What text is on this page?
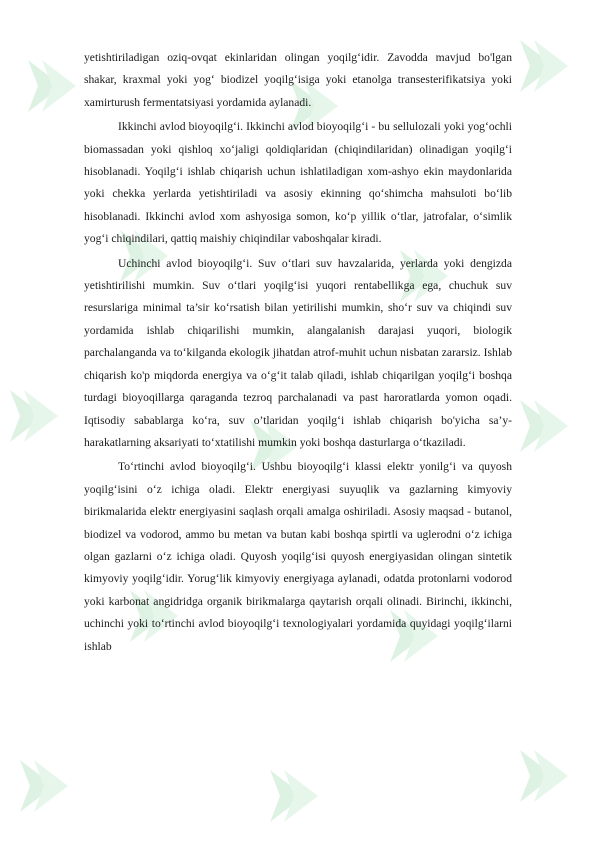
yetishtiriladigan oziq-ovqat ekinlaridan olingan yoqilg‘idir. Zavodda mavjud bo'lgan shakar, kraxmal yoki yog‘ biodizel yoqilg‘isiga yoki etanolga transesterifikatsiya yoki xamirturush fermentatsiyasi yordamida aylanadi.

Ikkinchi avlod bioyoqilg‘i. Ikkinchi avlod bioyoqilg‘i - bu sellulozali yoki yog‘ochli biomassadan yoki qishloq xo‘jaligi qoldiqlaridan (chiqindilaridan) olinadigan yoqilg‘i hisoblanadi. Yoqilg‘i ishlab chiqarish uchun ishlatiladigan xom-ashyo ekin maydonlarida yoki chekka yerlarda yetishtiriladi va asosiy ekinning qo‘shimcha mahsuloti bo‘lib hisoblanadi. Ikkinchi avlod xom ashyosiga somon, ko‘p yillik o‘tlar, jatrofalar, o‘simlik yog‘i chiqindilari, qattiq maishiy chiqindilar vaboshqalar kiradi.

Uchinchi avlod bioyoqilg‘i. Suv o‘tlari suv havzalarida, yerlarda yoki dengizda yetishtirilishi mumkin. Suv o‘tlari yoqilg‘isi yuqori rentabellikga ega, chuchuk suv resurslariga minimal ta’sir ko‘rsatish bilan yetirilishi mumkin, sho‘r suv va chiqindi suv yordamida ishlab chiqarilishi mumkin, alangalanish darajasi yuqori, biologik parchalanganda va to‘kilganda ekologik jihatdan atrof-muhit uchun nisbatan zararsiz. Ishlab chiqarish ko'p miqdorda energiya va o‘g‘it talab qiladi, ishlab chiqarilgan yoqilg‘i boshqa turdagi bioyoqillarga qaraganda tezroq parchalanadi va past haroratlarda yomon oqadi. Iqtisodiy sabablarga ko‘ra, suv o’tlaridan yoqilg‘i ishlab chiqarish bo'yicha sa’y-harakatlarning aksariyati to‘xtatilishi mumkin yoki boshqa dasturlarga o‘tkaziladi.

To‘rtinchi avlod bioyoqilg‘i. Ushbu bioyoqilg‘i klassi elektr yonilg‘i va quyosh yoqilg‘isini o‘z ichiga oladi. Elektr energiyasi suyuqlik va gazlarning kimyoviy birikmalarida elektr energiyasini saqlash orqali amalga oshiriladi. Asosiy maqsad - butanol, biodizel va vodorod, ammo bu metan va butan kabi boshqa spirtli va uglerodni o‘z ichiga olgan gazlarni o‘z ichiga oladi. Quyosh yoqilg‘isi quyosh energiyasidan olingan sintetik kimyoviy yoqilg‘idir. Yorug‘lik kimyoviy energiyaga aylanadi, odatda protonlarni vodorod yoki karbonat angidridga organik birikmalarga qaytarish orqali olinadi. Birinchi, ikkinchi, uchinchi yoki to‘rtinchi avlod bioyoqilg‘i texnologiyalari yordamida quyidagi yoqilg‘ilarni ishlab
